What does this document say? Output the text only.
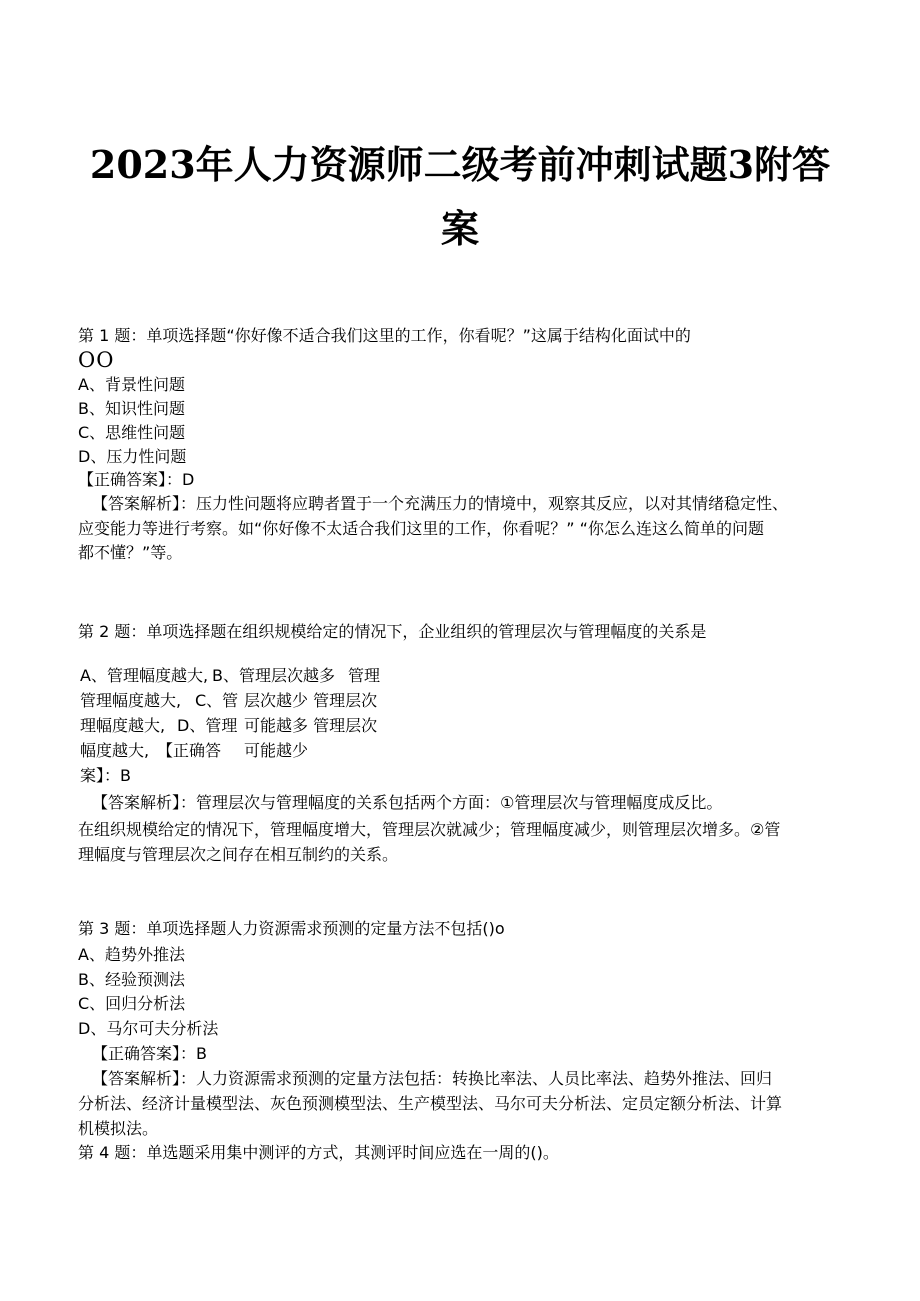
2023年人力资源师二级考前冲刺试题3附答
案
第 1 题：单项选择题“你好像不适合我们这里的工作，你看呢？”这属于结构化面试中的
OO
A、背景性问题
B、知识性问题
C、思维性问题
D、压力性问题
【正确答案】：D
【答案解析】：压力性问题将应聘者置于一个充满压力的情境中，观察其反应，以对其情绪稳定性、
应变能力等进行考察。如“你好像不太适合我们这里的工作，你看呢？” “你怎么连这么简单的问题
都不懂？”等。
第 2 题：单项选择题在组织规模给定的情况下，企业组织的管理层次与管理幅度的关系是
A、管理幅度越大,
管理幅度越大,
理幅度越大,
幅度越大,
案】：B
B、管理层次越多
C、管
D、管理
【正确答
管理
层次越少 管理层次
可能越多 管理层次
可能越少
【答案解析】：管理层次与管理幅度的关系包括两个方面：①管理层次与管理幅度成反比。
在组织规模给定的情况下，管理幅度增大，管理层次就减少；管理幅度减少，则管理层次增多。②管
理幅度与管理层次之间存在相互制约的关系。
第 3 题：单项选择题人力资源需求预测的定量方法不包括()o
A、趋势外推法
B、经验预测法
C、回归分析法
D、马尔可夫分析法
【正确答案】：B
【答案解析】：人力资源需求预测的定量方法包括：转换比率法、人员比率法、趋势外推法、回归
分析法、经济计量模型法、灰色预测模型法、生产模型法、马尔可夫分析法、定员定额分析法、计算
机模拟法。
第 4 题：单选题采用集中测评的方式，其测评时间应选在一周的()。
